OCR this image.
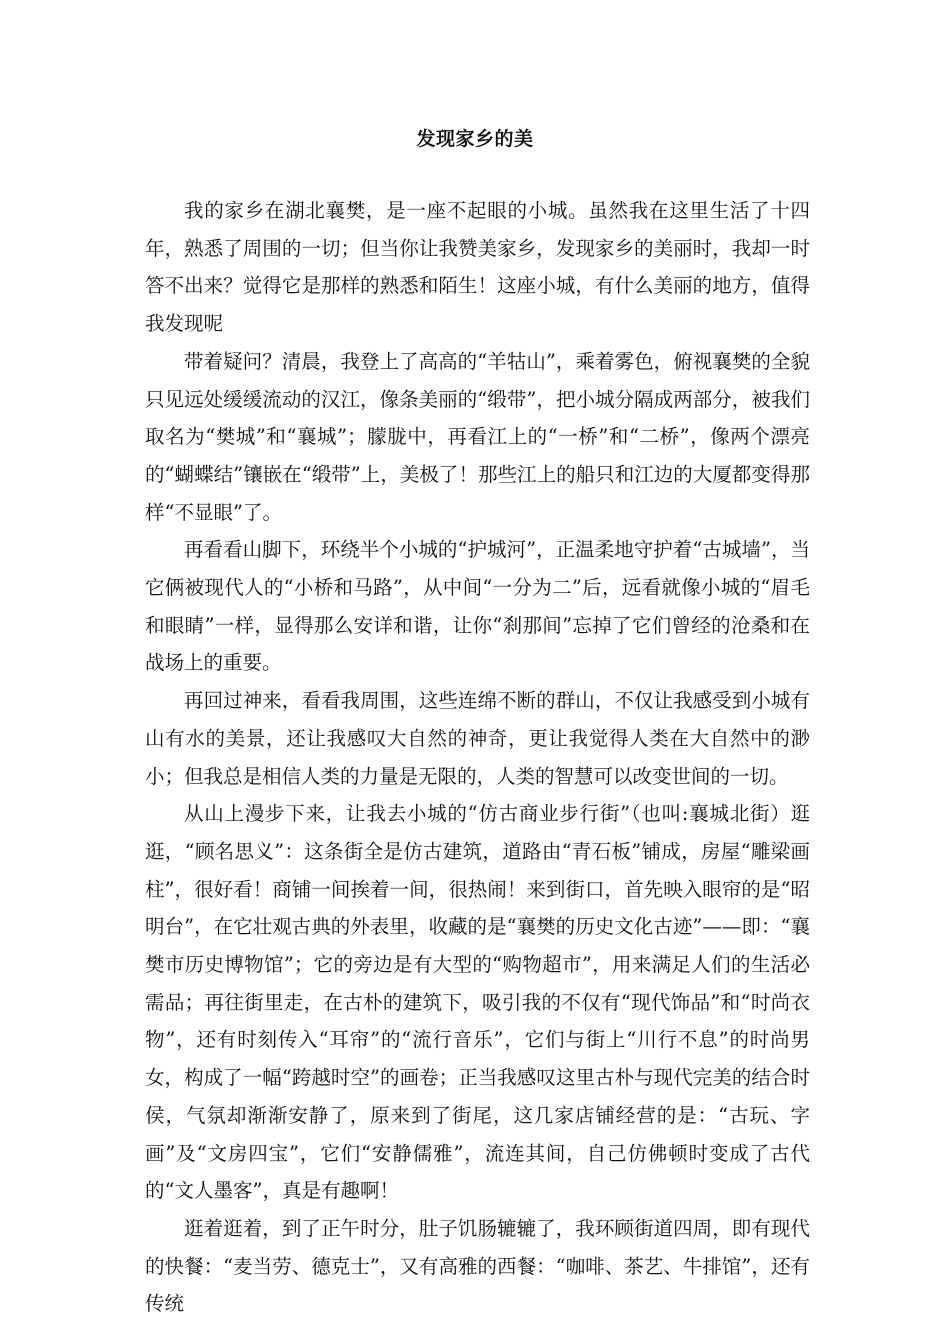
发现家乡的美

我的家乡在湖北襄樊，是一座不起眼的小城。虽然我在这里生活了十四年，熟悉了周围的一切；但当你让我赞美家乡，发现家乡的美丽时，我却一时答不出来？觉得它是那样的熟悉和陌生！这座小城，有什么美丽的地方，值得我发现呢

带着疑问？清晨，我登上了高高的“羊牯山”，乘着雾色，俯视襄樊的全貌只见远处缓缓流动的汉江，像条美丽的“缎带”，把小城分隔成两部分，被我们取名为“樊城”和“襄城”；朦胧中，再看江上的“一桥”和“二桥”，像两个漂亮的“蝴蝶结”镶嵌在“缎带”上，美极了！那些江上的船只和江边的大厦都变得那样“不显眼”了。

再看看山脚下，环绕半个小城的“护城河”，正温柔地守护着“古城墙”，当它俩被现代人的“小桥和马路”，从中间“一分为二”后，远看就像小城的“眉毛和眼睛”一样，显得那么安详和谐，让你“刹那间”忘掉了它们曾经的沧桑和在战场上的重要。

再回过神来，看看我周围，这些连绵不断的群山，不仅让我感受到小城有山有水的美景，还让我感叹大自然的神奇，更让我觉得人类在大自然中的渺小；但我总是相信人类的力量是无限的，人类的智慧可以改变世间的一切。

从山上漫步下来，让我去小城的“仿古商业步行街”（也叫:襄城北街）逛逛，“顾名思义”：这条街全是仿古建筑，道路由“青石板”铺成，房屋“雕梁画柱”，很好看！商铺一间挨着一间，很热闹！来到街口，首先映入眼帘的是“昭明台”，在它壮观古典的外表里，收藏的是“襄樊的历史文化古迹”——即：“襄樊市历史博物馆”；它的旁边是有大型的“购物超市”，用来满足人们的生活必需品；再往街里走，在古朴的建筑下，吸引我的不仅有“现代饰品”和“时尚衣物”，还有时刻传入“耳帘”的“流行音乐”，它们与街上“川行不息”的时尚男女，构成了一幅“跨越时空”的画卷；正当我感叹这里古朴与现代完美的结合时侯，气氛却渐渐安静了，原来到了街尾，这几家店铺经营的是：“古玩、字画”及“文房四宝”，它们“安静儒雅”，流连其间，自己仿佛顿时变成了古代的“文人墨客”，真是有趣啊！

逛着逛着，到了正午时分，肚子饥肠辘辘了，我环顾街道四周，即有现代的快餐：“麦当劳、德克士”，又有高雅的西餐：“咖啡、茶艺、牛排馆”，还有传统
